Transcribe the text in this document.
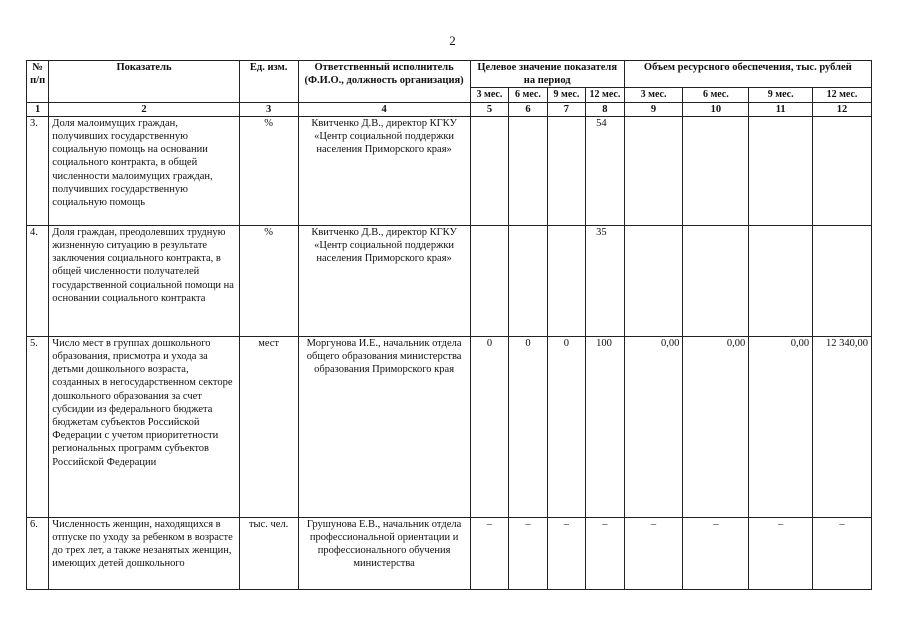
2
№ п/п	Показатель	Ед. изм.	Ответственный исполнитель (Ф.И.О., должность организация)	Целевое значение показателя на период				Объем ресурсного обеспечения, тыс. рублей			
				3 мес.	6 мес.	9 мес.	12 мес.	3 мес.	6 мес.	9 мес.	12 мес.
1	2	3	4	5	6	7	8	9	10	11	12
3.	Доля малоимущих граждан, получивших государственную социальную помощь на основании социального контракта, в общей численности малоимущих граждан, получивших государственную социальную помощь	%	Квитченко Д.В., директор КГКУ «Центр социальной поддержки населения Приморского края»				54				
4.	Доля граждан, преодолевших трудную жизненную ситуацию в результате заключения социального контракта, в общей численности получателей государственной социальной помощи на основании социального контракта	%	Квитченко Д.В., директор КГКУ «Центр социальной поддержки населения Приморского края»				35				
5.	Число мест в группах дошкольного образования, присмотра и ухода за детьми дошкольного возраста, созданных в негосударственном секторе дошкольного образования за счет субсидии из федерального бюджета бюджетам субъектов Российской Федерации с учетом приоритетности региональных программ субъектов Российской Федерации	мест	Моргунова И.Е., начальник отдела общего образования министерства образования Приморского края	0	0	0	100	0,00	0,00	0,00	12 340,00
6.	Численность женщин, находящихся в отпуске по уходу за ребенком в возрасте до трех лет, а также незанятых женщин, имеющих детей дошкольного	тыс. чел.	Грушунова Е.В., начальник отдела профессиональной ориентации и профессионального обучения министерства	–	–	–	–	–	–	–	–
